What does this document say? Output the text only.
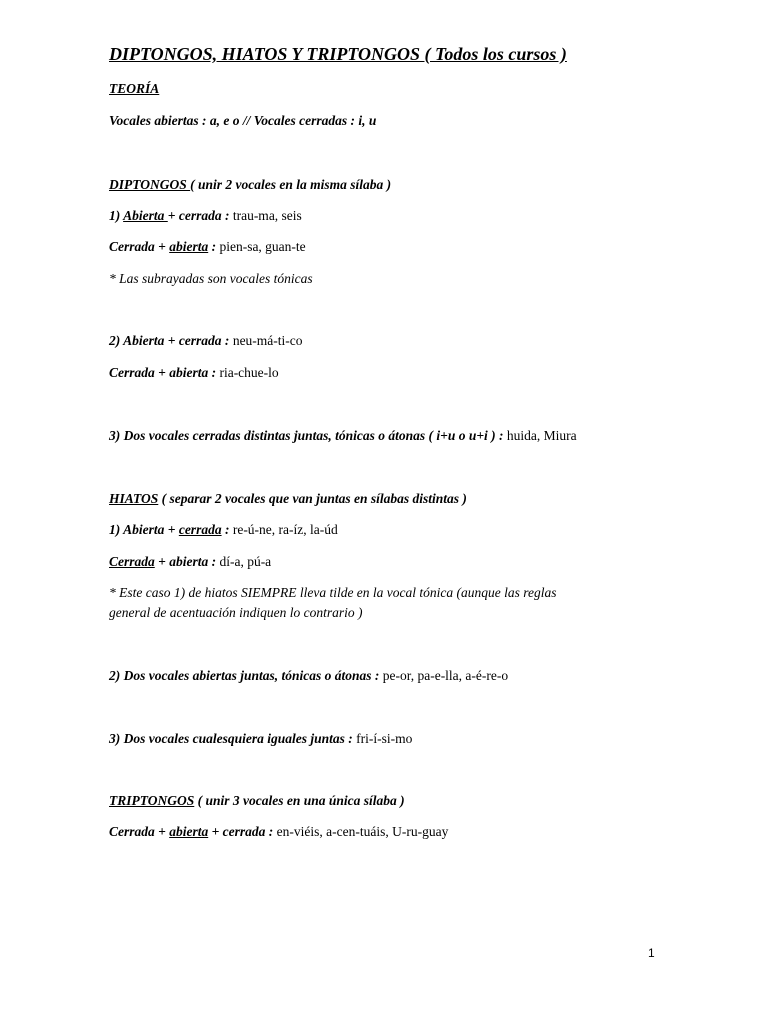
DIPTONGOS, HIATOS Y TRIPTONGOS ( Todos los cursos )
TEORÍA
Vocales abiertas : a, e o // Vocales cerradas : i, u
DIPTONGOS ( unir 2 vocales en la misma sílaba )
1) Abierta + cerrada : trau-ma, seis
Cerrada + abierta : pien-sa, guan-te
* Las subrayadas son vocales tónicas
2) Abierta + cerrada : neu-má-ti-co
Cerrada + abierta : ria-chue-lo
3) Dos vocales cerradas distintas juntas, tónicas o átonas ( i+u o u+i ) : huida, Miura
HIATOS ( separar 2 vocales que van juntas en sílabas distintas )
1) Abierta + cerrada : re-ú-ne, ra-íz, la-úd
Cerrada + abierta : dí-a, pú-a
* Este caso 1) de hiatos SIEMPRE lleva tilde en la vocal tónica (aunque las reglas
general de acentuación indiquen lo contrario )
2) Dos vocales abiertas juntas, tónicas o átonas : pe-or, pa-e-lla, a-é-re-o
3) Dos vocales cualesquiera iguales juntas : fri-í-si-mo
TRIPTONGOS ( unir 3 vocales en una única sílaba )
Cerrada + abierta + cerrada : en-viéis, a-cen-tuáis, U-ru-guay
1
